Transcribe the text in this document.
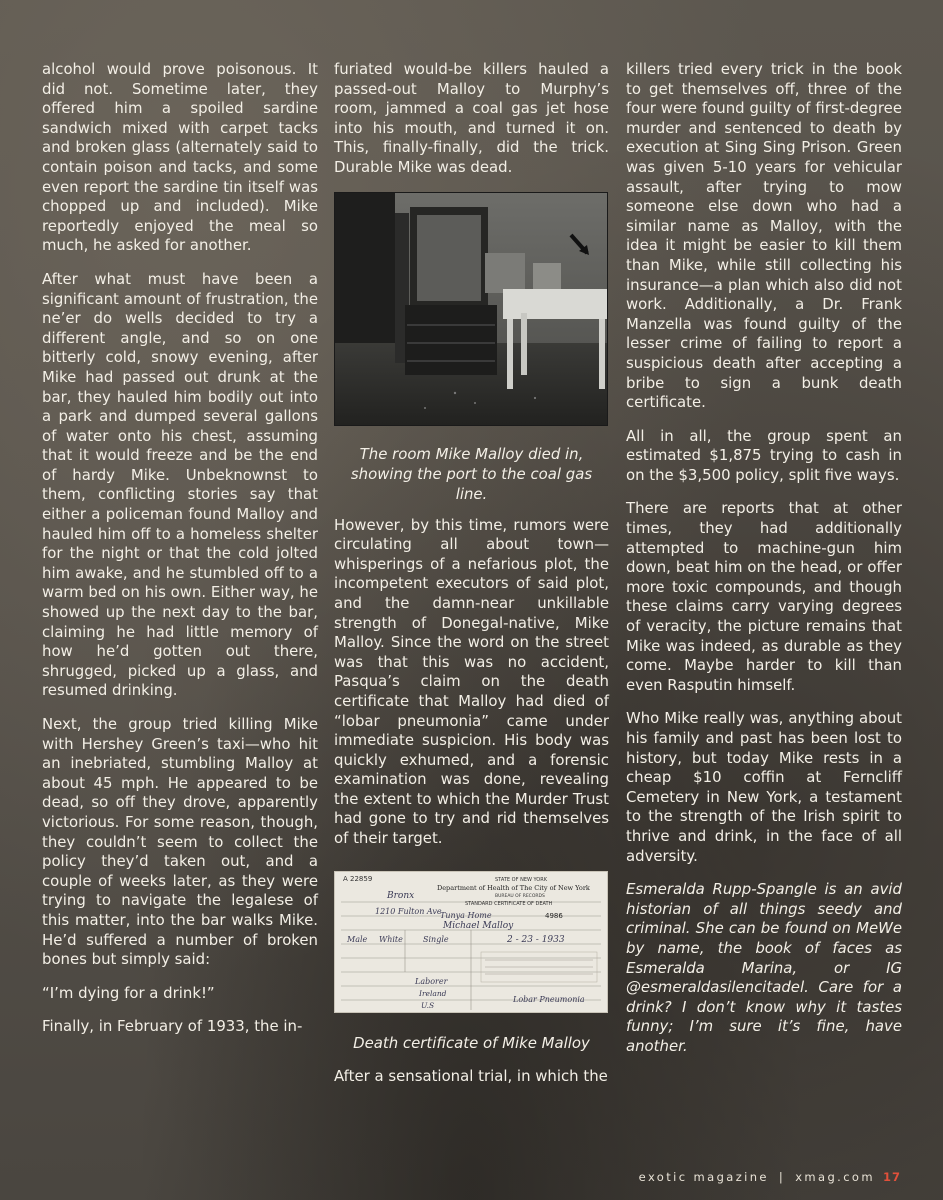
alcohol would prove poisonous. It did not. Sometime later, they offered him a spoiled sardine sandwich mixed with carpet tacks and broken glass (alternately said to contain poison and tacks, and some even report the sardine tin itself was chopped up and included). Mike reportedly enjoyed the meal so much, he asked for another.

After what must have been a significant amount of frustration, the ne’er do wells decided to try a different angle, and so on one bitterly cold, snowy evening, after Mike had passed out drunk at the bar, they hauled him bodily out into a park and dumped several gallons of water onto his chest, assuming that it would freeze and be the end of hardy Mike. Unbeknownst to them, conflicting stories say that either a policeman found Malloy and hauled him off to a homeless shelter for the night or that the cold jolted him awake, and he stumbled off to a warm bed on his own. Either way, he showed up the next day to the bar, claiming he had little memory of how he’d gotten out there, shrugged, picked up a glass, and resumed drinking.

Next, the group tried killing Mike with Hershey Green’s taxi—who hit an inebriated, stumbling Malloy at about 45 mph. He appeared to be dead, so off they drove, apparently victorious. For some reason, though, they couldn’t seem to collect the policy they’d taken out, and a couple of weeks later, as they were trying to navigate the legalese of this matter, into the bar walks Mike. He’d suffered a number of broken bones but simply said:

“I’m dying for a drink!”

Finally, in February of 1933, the in-

furiated would-be killers hauled a passed-out Malloy to Murphy’s room, jammed a coal gas jet hose into his mouth, and turned it on. This, finally-finally, did the trick. Durable Mike was dead.

The room Mike Malloy died in, showing the port to the coal gas line.

However, by this time, rumors were circulating all about town—whisperings of a nefarious plot, the incompetent executors of said plot, and the damn-near unkillable strength of Donegal-native, Mike Malloy. Since the word on the street was that this was no accident, Pasqua’s claim on the death certificate that Malloy had died of “lobar pneumonia” came under immediate suspicion. His body was quickly exhumed, and a forensic examination was done, revealing the extent to which the Murder Trust had gone to try and rid themselves of their target.

A 22859	STATE OF NEW YORK
Department of Health of The City of New York
BUREAU OF RECORDS
STANDARD CERTIFICATE OF DEATH
Bronx
1210 Fulton Ave
Tunya Home	4986
Michael Malloy
Male White	Single	2 - 23 - 1933
Laborer
Ireland
U.S
Lobar Pneumonia
Death certificate of Mike Malloy

After a sensational trial, in which the

killers tried every trick in the book to get themselves off, three of the four were found guilty of first-degree murder and sentenced to death by execution at Sing Sing Prison. Green was given 5-10 years for vehicular assault, after trying to mow someone else down who had a similar name as Malloy, with the idea it might be easier to kill them than Mike, while still collecting his insurance—a plan which also did not work. Additionally, a Dr. Frank Manzella was found guilty of the lesser crime of failing to report a suspicious death after accepting a bribe to sign a bunk death certificate.

All in all, the group spent an estimated $1,875 trying to cash in on the $3,500 policy, split five ways.

There are reports that at other times, they had additionally attempted to machine-gun him down, beat him on the head, or offer more toxic compounds, and though these claims carry varying degrees of veracity, the picture remains that Mike was indeed, as durable as they come. Maybe harder to kill than even Rasputin himself.

Who Mike really was, anything about his family and past has been lost to history, but today Mike rests in a cheap $10 coffin at Ferncliff Cemetery in New York, a testament to the strength of the Irish spirit to thrive and drink, in the face of all adversity.

Esmeralda Rupp-Spangle is an avid historian of all things seedy and criminal. She can be found on MeWe by name, the book of faces as Esmeralda Marina, or IG @esmeraldasilencitadel. Care for a drink? I don’t know why it tastes funny; I’m sure it’s fine, have another.

exotic magazine | xmag.com 17
